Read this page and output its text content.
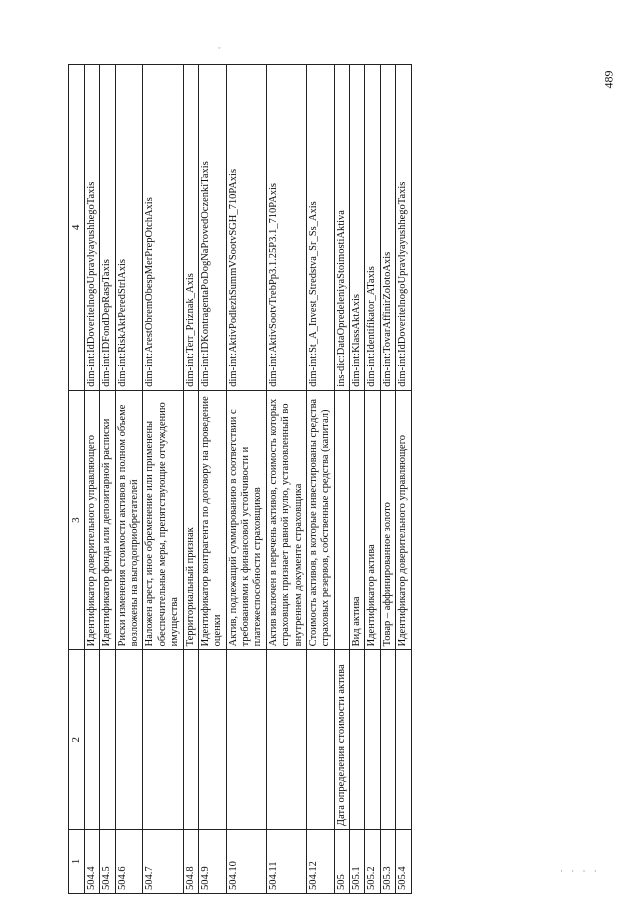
ˇ
489
1	2	3	4
504.4		Идентификатор доверительного управляющего	dim-int:IdDoveritelnogoUpravlyayushhegoTaxis
504.5		Идентификатор фонда или депозитарной расписки	dim-int:IDFondDepRaspTaxis
504.6		Риски изменения стоимости активов в полном объеме возложены на выгодоприобретателей	dim-int:RiskAktPeredStrlAxis
504.7		Наложен арест, иное обременение или применены обеспечительные меры, препятствующие отчуждению имущества	dim-int:ArestObremObespMerPrepOtchAxis
504.8		Территориальный признак	dim-int:Terr_Priznak_Axis
504.9		Идентификатор контрагента по договору на проведение оценки	dim-int:IDKontragentaPoDogNaProvedOczenkiTaxis
504.10		Актив, подлежащий суммированию в соответствии с требованиями к финансовой устойчивости и платежеспособности страховщиков	dim-int:AktivPodlezhSummVSootvSGH_710PAxis
504.11		Актив включен в перечень активов, стоимость которых страховщик признает равной нулю, установленный во внутреннем документе страховщика	dim-int:AktivSootvTrebPp3.1.25P3.1_710PAxis
504.12		Стоимость активов, в которые инвестированы средства страховых резервов, собственные средства (капитал)	dim-int:St_A_Invest_Stredstva_Sr_Ss_Axis
505	Дата определения стоимости актива		ins-dic:DataOpredeleniyaStoimostiAktiva
505.1		Вид актива	dim-int:KlassAktAxis
505.2		Идентификатор актива	dim-int:Identifikator_ATaxis
505.3		Товар – аффинированное золото	dim-int:TovarAffinirZolotoAxis
505.4		Идентификатор доверительного управляющего	dim-int:IdDoveritelnogoUpravlyayushhegoTaxis
· · · ·
